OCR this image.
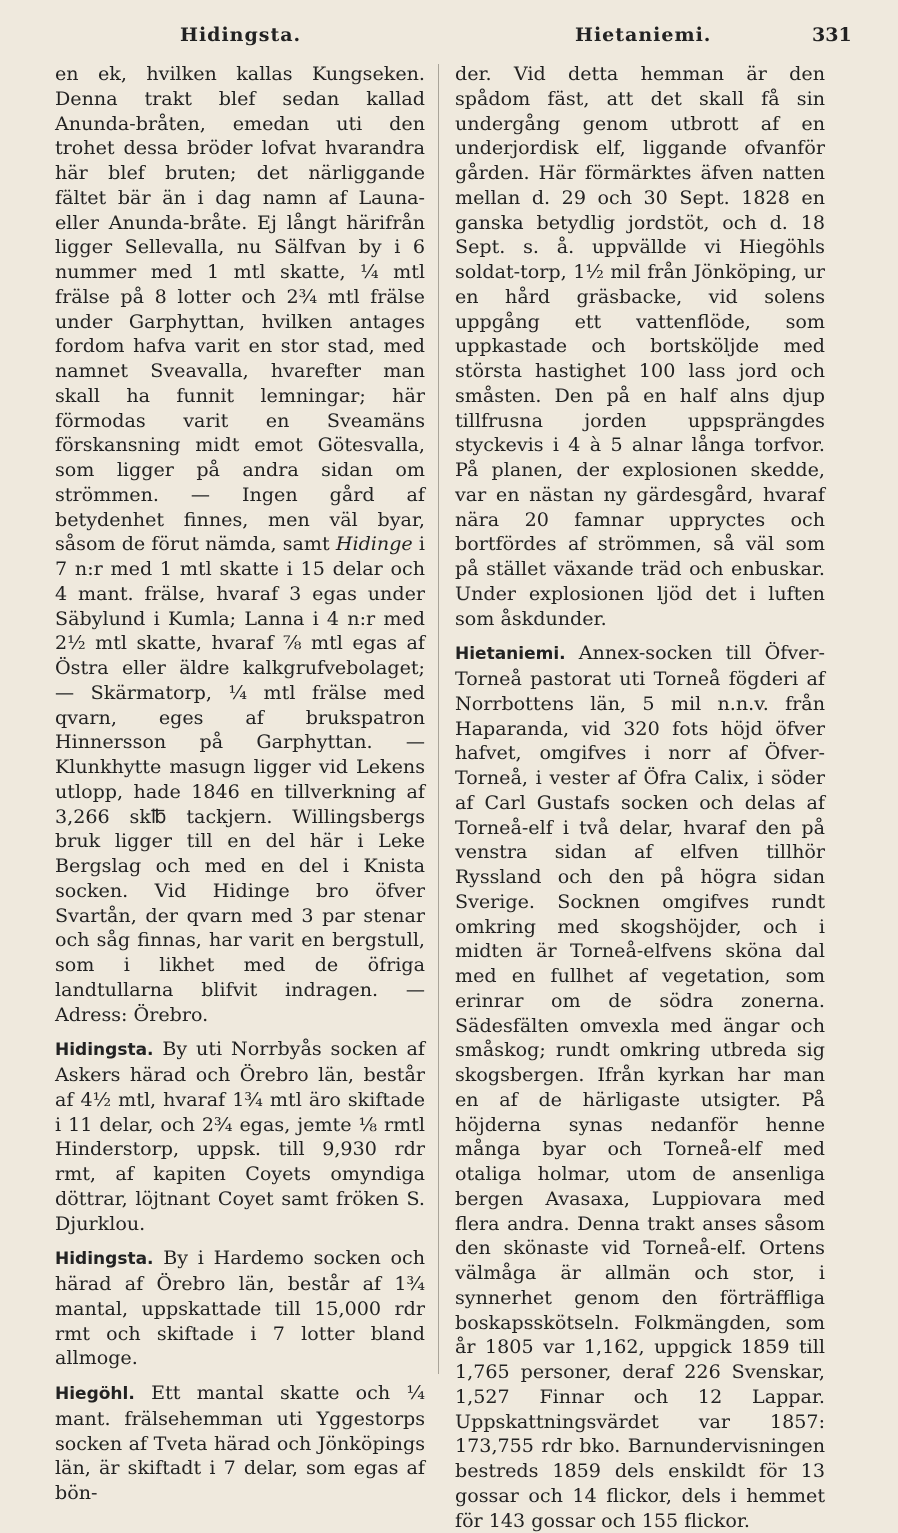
Hidingsta.	Hietaniemi.	331

en ek, hvilken kallas Kungseken. Denna trakt blef sedan kallad Anunda-bråten, emedan uti den trohet dessa bröder lofvat hvarandra här blef bruten; det närliggande fältet bär än i dag namn af Launa- eller Anunda-bråte. Ej långt härifrån ligger Sellevalla, nu Sälfvan by i 6 nummer med 1 mtl skatte, ¼ mtl frälse på 8 lotter och 2¾ mtl frälse under Garphyttan, hvilken antages fordom hafva varit en stor stad, med namnet Sveavalla, hvarefter man skall ha funnit lemningar; här förmodas varit en Sveamäns förskansning midt emot Götesvalla, som ligger på andra sidan om strömmen. — Ingen gård af betydenhet finnes, men väl byar, såsom de förut nämda, samt Hidinge i 7 n:r med 1 mtl skatte i 15 delar och 4 mant. frälse, hvaraf 3 egas under Säbylund i Kumla; Lanna i 4 n:r med 2½ mtl skatte, hvaraf ⅞ mtl egas af Östra eller äldre kalkgrufvebolaget; — Skärmatorp, ¼ mtl frälse med qvarn, eges af brukspatron Hinnersson på Garphyttan. — Klunkhytte masugn ligger vid Lekens utlopp, hade 1846 en tillverkning af 3,266 sk℔ tackjern. Willingsbergs bruk ligger till en del här i Leke Bergslag och med en del i Knista socken. Vid Hidinge bro öfver Svartån, der qvarn med 3 par stenar och såg finnas, har varit en bergstull, som i likhet med de öfriga landtullarna blifvit indragen. — Adress: Örebro.

Hidingsta. By uti Norrbyås socken af Askers härad och Örebro län, består af 4½ mtl, hvaraf 1¾ mtl äro skiftade i 11 delar, och 2¾ egas, jemte ⅛ rmtl Hinderstorp, uppsk. till 9,930 rdr rmt, af kapiten Coyets omyndiga döttrar, löjtnant Coyet samt fröken S. Djurklou.

Hidingsta. By i Hardemo socken och härad af Örebro län, består af 1¾ mantal, uppskattade till 15,000 rdr rmt och skiftade i 7 lotter bland allmoge.

Hiegöhl. Ett mantal skatte och ¼ mant. frälsehemman uti Yggestorps socken af Tveta härad och Jönköpings län, är skiftadt i 7 delar, som egas af bön-

der. Vid detta hemman är den spådom fäst, att det skall få sin undergång genom utbrott af en underjordisk elf, liggande ofvanför gården. Här förmärktes äfven natten mellan d. 29 och 30 Sept. 1828 en ganska betydlig jordstöt, och d. 18 Sept. s. å. uppvällde vi Hiegöhls soldat-torp, 1½ mil från Jönköping, ur en hård gräsbacke, vid solens uppgång ett vattenflöde, som uppkastade och bortsköljde med största hastighet 100 lass jord och småsten. Den på en half alns djup tillfrusna jorden uppsprängdes styckevis i 4 à 5 alnar långa torfvor. På planen, der explosionen skedde, var en nästan ny gärdesgård, hvaraf nära 20 famnar uppryctes och bortfördes af strömmen, så väl som på stället växande träd och enbuskar. Under explosionen ljöd det i luften som åskdunder.

Hietaniemi. Annex-socken till Öfver-Torneå pastorat uti Torneå fögderi af Norrbottens län, 5 mil n.n.v. från Haparanda, vid 320 fots höjd öfver hafvet, omgifves i norr af Öfver-Torneå, i vester af Öfra Calix, i söder af Carl Gustafs socken och delas af Torneå-elf i två delar, hvaraf den på venstra sidan af elfven tillhör Ryssland och den på högra sidan Sverige. Socknen omgifves rundt omkring med skogshöjder, och i midten är Torneå-elfvens sköna dal med en fullhet af vegetation, som erinrar om de södra zonerna. Sädesfälten omvexla med ängar och småskog; rundt omkring utbreda sig skogsbergen. Ifrån kyrkan har man en af de härligaste utsigter. På höjderna synas nedanför henne många byar och Torneå-elf med otaliga holmar, utom de ansenliga bergen Avasaxa, Luppiovara med flera andra. Denna trakt anses såsom den skönaste vid Torneå-elf. Ortens välmåga är allmän och stor, i synnerhet genom den förträffliga boskapsskötseln. Folkmängden, som år 1805 var 1,162, uppgick 1859 till 1,765 personer, deraf 226 Svenskar, 1,527 Finnar och 12 Lappar. Uppskattningsvärdet var 1857: 173,755 rdr bko. Barnundervisningen bestreds 1859 dels enskildt för 13 gossar och 14 flickor, dels i hemmet för 143 gossar och 155 flickor.
